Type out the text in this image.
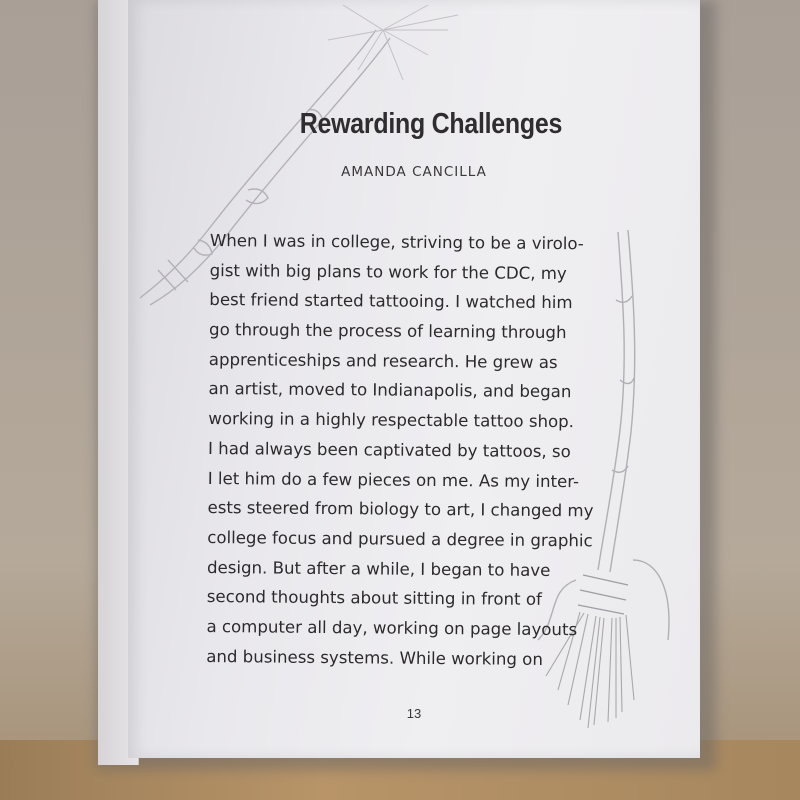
Rewarding Challenges

AMANDA CANCILLA

When I was in college, striving to be a virolo-
gist with big plans to work for the CDC, my
best friend started tattooing. I watched him
go through the process of learning through
apprenticeships and research. He grew as
an artist, moved to Indianapolis, and began
working in a highly respectable tattoo shop.
I had always been captivated by tattoos, so
I let him do a few pieces on me. As my inter-
ests steered from biology to art, I changed my
college focus and pursued a degree in graphic
design. But after a while, I began to have
second thoughts about sitting in front of
a computer all day, working on page layouts
and business systems. While working on
13
